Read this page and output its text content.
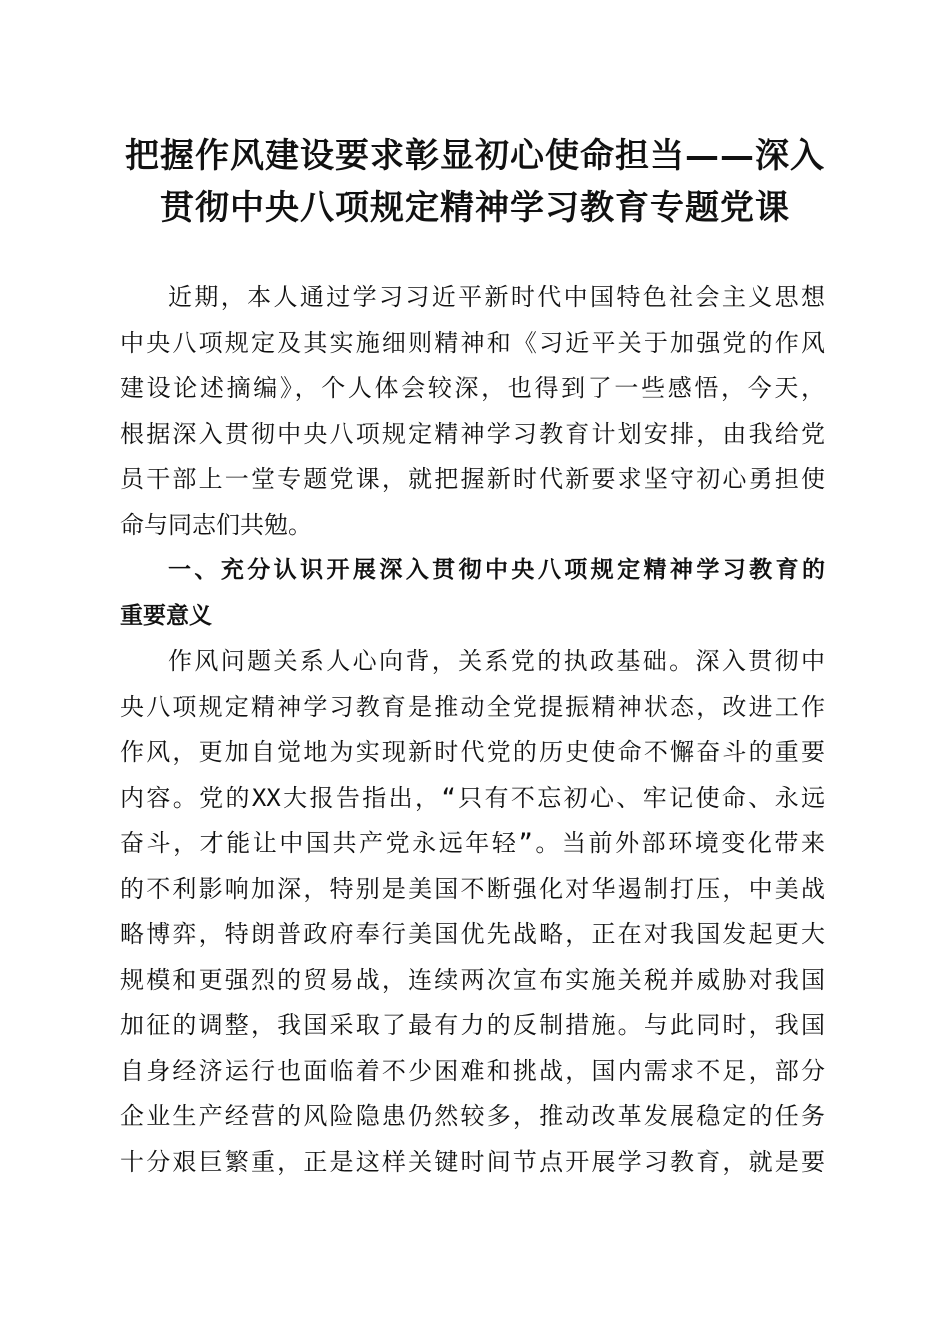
把握作风建设要求彰显初心使命担当——深入
贯彻中央八项规定精神学习教育专题党课
近期，本人通过学习习近平新时代中国特色社会主义思想
中央八项规定及其实施细则精神和《习近平关于加强党的作风
建设论述摘编》，个人体会较深，也得到了一些感悟，今天，
根据深入贯彻中央八项规定精神学习教育计划安排，由我给党
员干部上一堂专题党课，就把握新时代新要求坚守初心勇担使
命与同志们共勉。
一、充分认识开展深入贯彻中央八项规定精神学习教育的
重要意义
作风问题关系人心向背，关系党的执政基础。深入贯彻中
央八项规定精神学习教育是推动全党提振精神状态，改进工作
作风，更加自觉地为实现新时代党的历史使命不懈奋斗的重要
内容。党的XX大报告指出，“只有不忘初心、牢记使命、永远
奋斗，才能让中国共产党永远年轻”。当前外部环境变化带来
的不利影响加深，特别是美国不断强化对华遏制打压，中美战
略博弈，特朗普政府奉行美国优先战略，正在对我国发起更大
规模和更强烈的贸易战，连续两次宣布实施关税并威胁对我国
加征的调整，我国采取了最有力的反制措施。与此同时，我国
自身经济运行也面临着不少困难和挑战，国内需求不足，部分
企业生产经营的风险隐患仍然较多，推动改革发展稳定的任务
十分艰巨繁重，正是这样关键时间节点开展学习教育，就是要
